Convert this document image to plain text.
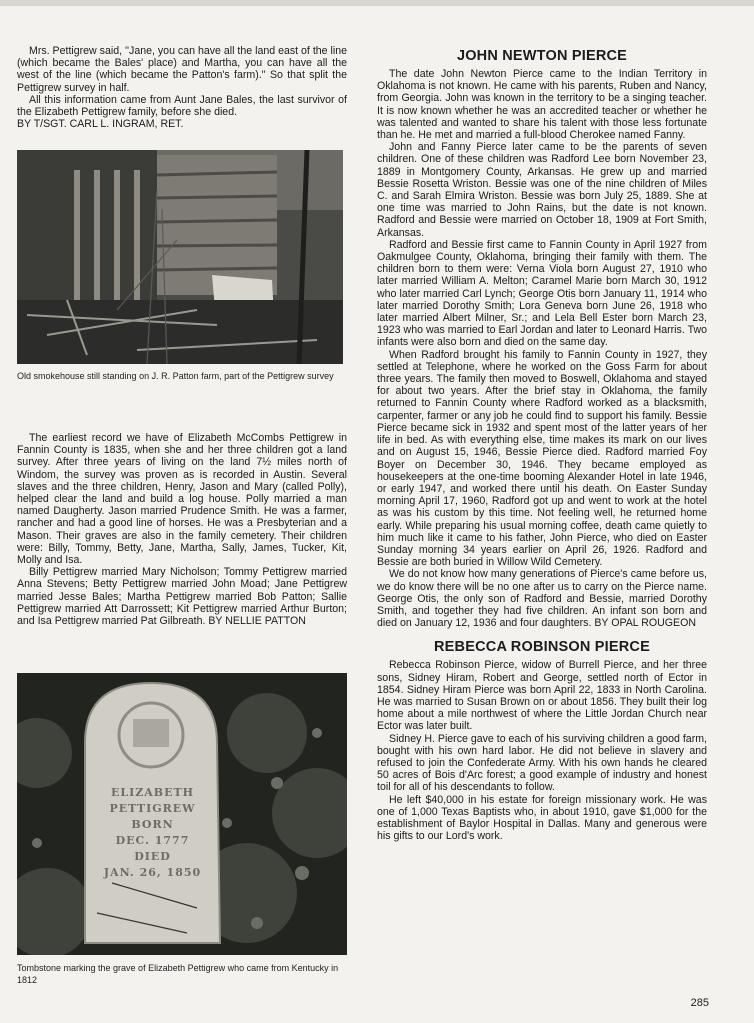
Mrs. Pettigrew said, ''Jane, you can have all the land east of the line (which became the Bales' place) and Martha, you can have all the west of the line (which became the Patton's farm).'' So that split the Pettigrew survey in half.

All this information came from Aunt Jane Bales, the last survivor of the Elizabeth Pettigrew family, before she died.

BY T/SGT. CARL L. INGRAM, RET.

Old smokehouse still standing on J. R. Patton farm, part of the Pettigrew survey

The earliest record we have of Elizabeth McCombs Pettigrew in Fannin County is 1835, when she and her three children got a land survey. After three years of living on the land 7½ miles north of Windom, the survey was proven as is recorded in Austin. Several slaves and the three children, Henry, Jason and Mary (called Polly), helped clear the land and build a log house. Polly married a man named Daugherty. Jason married Prudence Smith. He was a farmer, rancher and had a good line of horses. He was a Presbyterian and a Mason. Their graves are also in the family cemetery. Their children were: Billy, Tommy, Betty, Jane, Martha, Sally, James, Tucker, Kit, Molly and Isa.

Billy Pettigrew married Mary Nicholson; Tommy Pettigrew married Anna Stevens; Betty Pettigrew married John Moad; Jane Pettigrew married Jesse Bales; Martha Pettigrew married Bob Patton; Sallie Pettigrew married Att Darrossett; Kit Pettigrew married Arthur Burton; and Isa Pettigrew married Pat Gilbreath. BY NELLIE PATTON

ELIZABETH
PETTIGREW
BORN
DEC. 1777
DIED
JAN. 26, 1850
Tombstone marking the grave of Elizabeth Pettigrew who came from Kentucky in 1812
JOHN NEWTON PIERCE

The date John Newton Pierce came to the Indian Territory in Oklahoma is not known. He came with his parents, Ruben and Nancy, from Georgia. John was known in the territory to be a singing teacher. It is now known whether he was an accredited teacher or whether he was talented and wanted to share his talent with those less fortunate than he. He met and married a full-blood Cherokee named Fanny.

John and Fanny Pierce later came to be the parents of seven children. One of these children was Radford Lee born November 23, 1889 in Montgomery County, Arkansas. He grew up and married Bessie Rosetta Wriston. Bessie was one of the nine children of Miles C. and Sarah Elmira Wriston. Bessie was born July 25, 1889. She at one time was married to John Rains, but the date is not known. Radford and Bessie were married on October 18, 1909 at Fort Smith, Arkansas.

Radford and Bessie first came to Fannin County in April 1927 from Oakmulgee County, Oklahoma, bringing their family with them. The children born to them were: Verna Viola born August 27, 1910 who later married William A. Melton; Caramel Marie born March 30, 1912 who later married Carl Lynch; George Otis born January 11, 1914 who later married Dorothy Smith; Lora Geneva born June 26, 1918 who later married Albert Milner, Sr.; and Lela Bell Ester born March 23, 1923 who was married to Earl Jordan and later to Leonard Harris. Two infants were also born and died on the same day.

When Radford brought his family to Fannin County in 1927, they settled at Telephone, where he worked on the Goss Farm for about three years. The family then moved to Boswell, Oklahoma and stayed for about two years. After the brief stay in Oklahoma, the family returned to Fannin County where Radford worked as a blacksmith, carpenter, farmer or any job he could find to support his family. Bessie Pierce became sick in 1932 and spent most of the latter years of her life in bed. As with everything else, time makes its mark on our lives and on August 15, 1946, Bessie Pierce died. Radford married Foy Boyer on December 30, 1946. They became employed as housekeepers at the one-time booming Alexander Hotel in late 1946, or early 1947, and worked there until his death. On Easter Sunday morning April 17, 1960, Radford got up and went to work at the hotel as was his custom by this time. Not feeling well, he returned home early. While preparing his usual morning coffee, death came quietly to him much like it came to his father, John Pierce, who died on Easter Sunday morning 34 years earlier on April 26, 1926. Radford and Bessie are both buried in Willow Wild Cemetery.

We do not know how many generations of Pierce's came before us, we do know there will be no one after us to carry on the Pierce name. George Otis, the only son of Radford and Bessie, married Dorothy Smith, and together they had five children. An infant son born and died on January 12, 1936 and four daughters. BY OPAL ROUGEON

REBECCA ROBINSON PIERCE

Rebecca Robinson Pierce, widow of Burrell Pierce, and her three sons, Sidney Hiram, Robert and George, settled north of Ector in 1854. Sidney Hiram Pierce was born April 22, 1833 in North Carolina. He was married to Susan Brown on or about 1856. They built their log home about a mile northwest of where the Little Jordan Church near Ector was later built.

Sidney H. Pierce gave to each of his surviving children a good farm, bought with his own hard labor. He did not believe in slavery and refused to join the Confederate Army. With his own hands he cleared 50 acres of Bois d'Arc forest; a good example of industry and honest toil for all of his descendants to follow.

He left $40,000 in his estate for foreign missionary work. He was one of 1,000 Texas Baptists who, in about 1910, gave $1,000 for the establishment of Baylor Hospital in Dallas. Many and generous were his gifts to our Lord's work.

285
